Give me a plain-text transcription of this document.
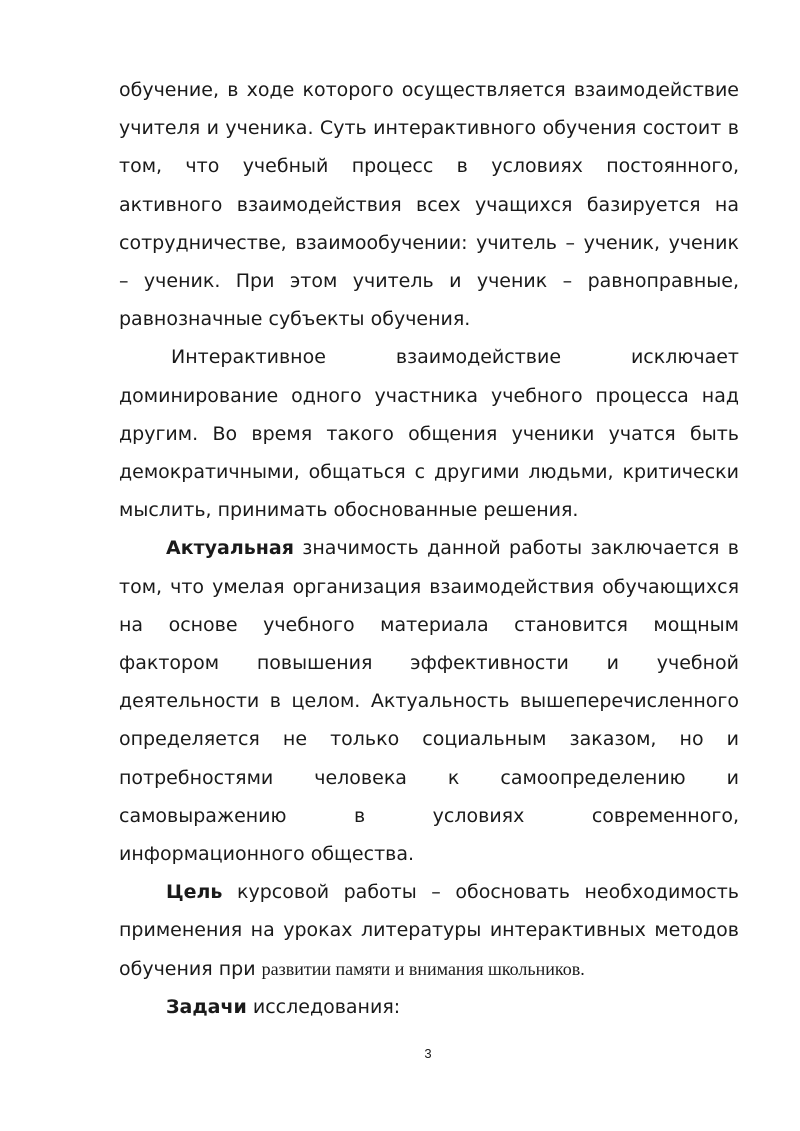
обучение, в ходе которого осуществляется взаимодействие учителя и ученика. Суть интерактивного обучения состоит в том, что учебный процесс в условиях постоянного, активного взаимодействия всех учащихся базируется на сотрудничестве, взаимообучении: учитель – ученик, ученик – ученик. При этом учитель и ученик – равноправные, равнозначные субъекты обучения.

Интерактивное взаимодействие исключает доминирование одного участника учебного процесса над другим. Во время такого общения ученики учатся быть демократичными, общаться с другими людьми, критически мыслить, принимать обоснованные решения.

Актуальная значимость данной работы заключается в том, что умелая организация взаимодействия обучающихся на основе учебного материала становится мощным фактором повышения эффективности и учебной деятельности в целом. Актуальность вышеперечисленного определяется не только социальным заказом, но и потребностями человека к самоопределению и самовыражению в условиях современного, информационного общества.

Цель курсовой работы – обосновать необходимость применения на уроках литературы интерактивных методов обучения при развитии памяти и внимания школьников.

Задачи исследования:

3
